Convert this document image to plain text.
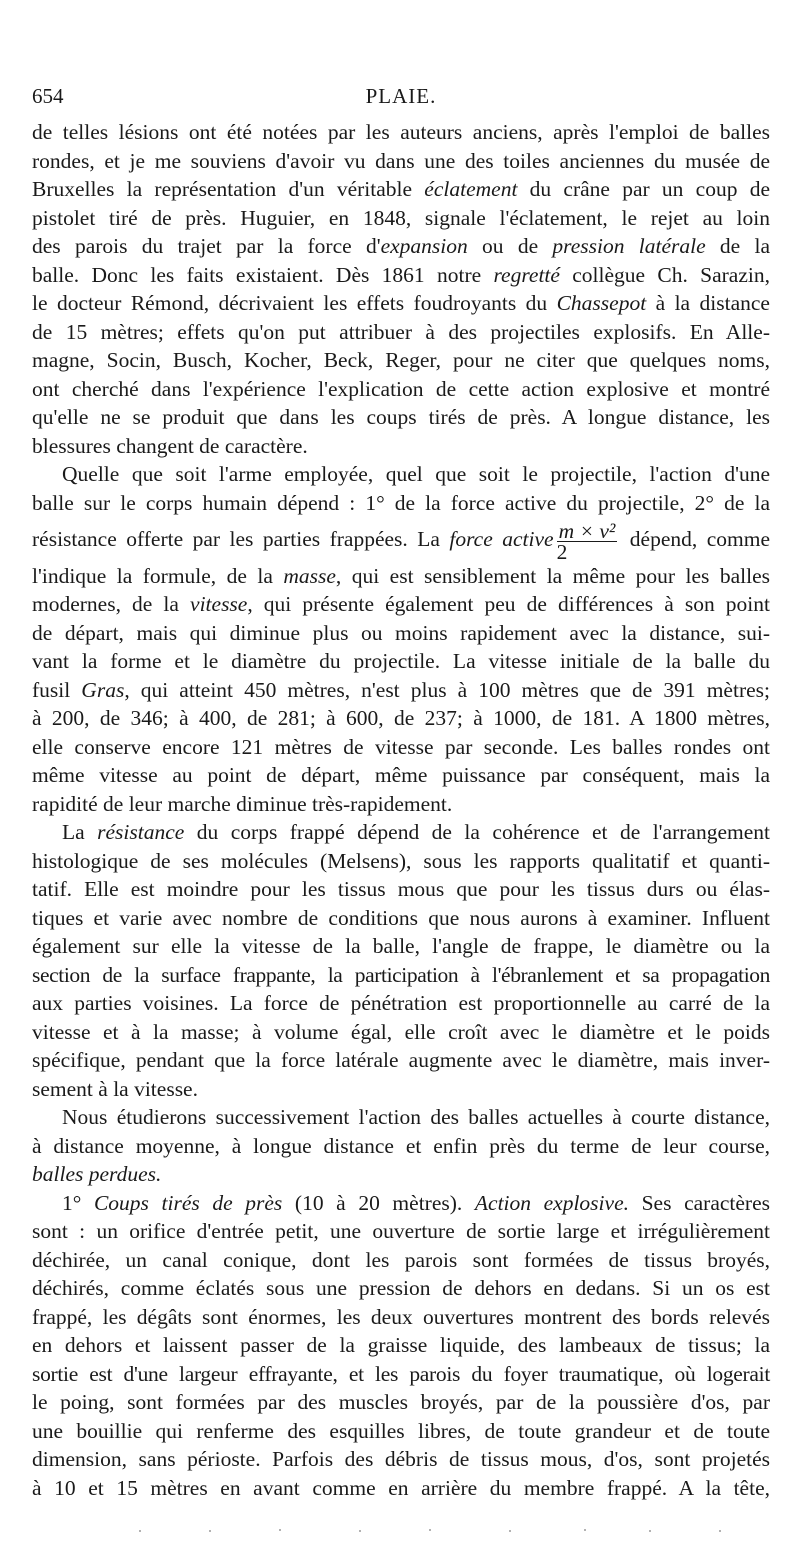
654	PLAIE.

de telles lésions ont été notées par les auteurs anciens, après l'emploi de balles
rondes, et je me souviens d'avoir vu dans une des toiles anciennes du musée de
Bruxelles la représentation d'un véritable éclatement du crâne par un coup de
pistolet tiré de près. Huguier, en 1848, signale l'éclatement, le rejet au loin
des parois du trajet par la force d'expansion ou de pression latérale de la
balle. Donc les faits existaient. Dès 1861 notre regretté collègue Ch. Sarazin,
le docteur Rémond, décrivaient les effets foudroyants du Chassepot à la distance
de 15 mètres; effets qu'on put attribuer à des projectiles explosifs. En Alle-
magne, Socin, Busch, Kocher, Beck, Reger, pour ne citer que quelques noms,
ont cherché dans l'expérience l'explication de cette action explosive et montré
qu'elle ne se produit que dans les coups tirés de près. A longue distance, les
blessures changent de caractère.

Quelle que soit l'arme employée, quel que soit le projectile, l'action d'une
balle sur le corps humain dépend : 1° de la force active du projectile, 2° de la
résistance offerte par les parties frappées. La force active $\frac{\text{m × v²}}{2}$ dépend, comme
l'indique la formule, de la masse, qui est sensiblement la même pour les balles
modernes, de la vitesse, qui présente également peu de différences à son point
de départ, mais qui diminue plus ou moins rapidement avec la distance, sui-
vant la forme et le diamètre du projectile. La vitesse initiale de la balle du
fusil Gras, qui atteint 450 mètres, n'est plus à 100 mètres que de 391 mètres;
à 200, de 346; à 400, de 281; à 600, de 237; à 1000, de 181. A 1800 mètres,
elle conserve encore 121 mètres de vitesse par seconde. Les balles rondes ont
même vitesse au point de départ, même puissance par conséquent, mais la
rapidité de leur marche diminue très-rapidement.

La résistance du corps frappé dépend de la cohérence et de l'arrangement
histologique de ses molécules (Melsens), sous les rapports qualitatif et quanti-
tatif. Elle est moindre pour les tissus mous que pour les tissus durs ou élas-
tiques et varie avec nombre de conditions que nous aurons à examiner. Influent
également sur elle la vitesse de la balle, l'angle de frappe, le diamètre ou la
section de la surface frappante, la participation à l'ébranlement et sa propagation
aux parties voisines. La force de pénétration est proportionnelle au carré de la
vitesse et à la masse; à volume égal, elle croît avec le diamètre et le poids
spécifique, pendant que la force latérale augmente avec le diamètre, mais inver-
sement à la vitesse.

Nous étudierons successivement l'action des balles actuelles à courte distance,
à distance moyenne, à longue distance et enfin près du terme de leur course,
balles perdues.

1° Coups tirés de près (10 à 20 mètres). Action explosive. Ses caractères
sont : un orifice d'entrée petit, une ouverture de sortie large et irrégulièrement
déchirée, un canal conique, dont les parois sont formées de tissus broyés,
déchirés, comme éclatés sous une pression de dehors en dedans. Si un os est
frappé, les dégâts sont énormes, les deux ouvertures montrent des bords relevés
en dehors et laissent passer de la graisse liquide, des lambeaux de tissus; la
sortie est d'une largeur effrayante, et les parois du foyer traumatique, où logerait
le poing, sont formées par des muscles broyés, par de la poussière d'os, par
une bouillie qui renferme des esquilles libres, de toute grandeur et de toute
dimension, sans périoste. Parfois des débris de tissus mous, d'os, sont projetés
à 10 et 15 mètres en avant comme en arrière du membre frappé. A la tête,
